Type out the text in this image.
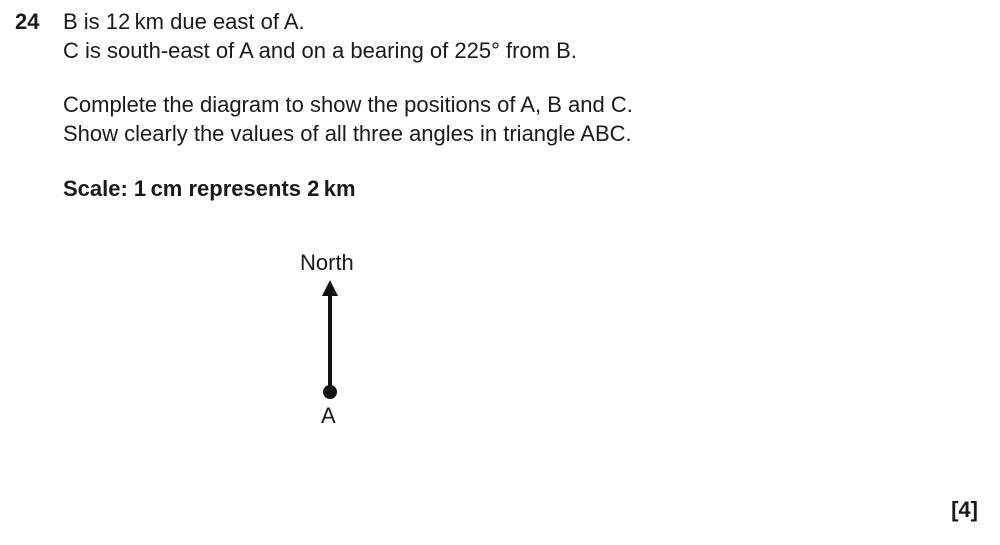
24 B is 12 km due east of A.
C is south-east of A and on a bearing of 225° from B.
Complete the diagram to show the positions of A, B and C.
Show clearly the values of all three angles in triangle ABC.
Scale: 1 cm represents 2 km
North
A
[4]
